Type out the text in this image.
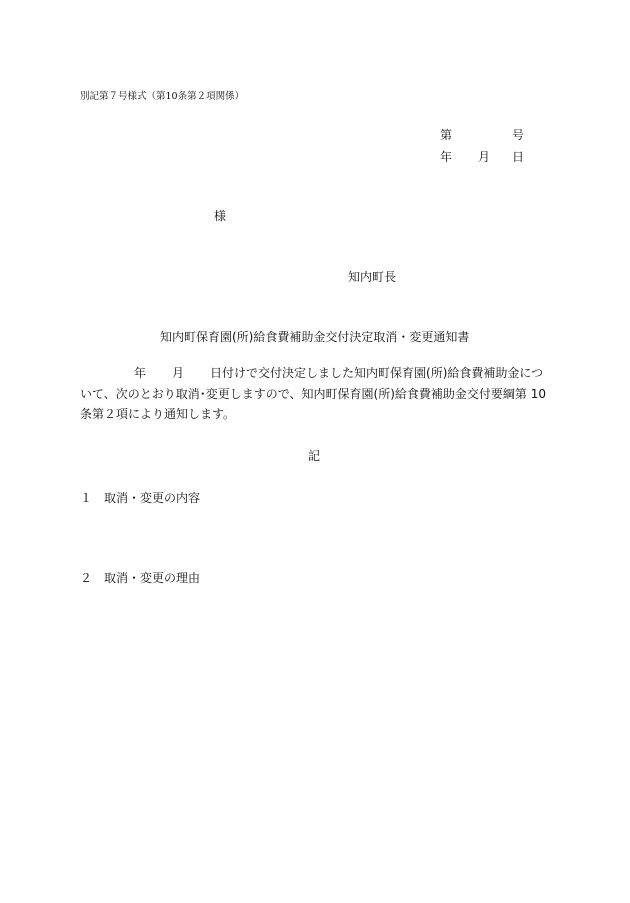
別記第７号様式（第10条第２項関係）
第	号
年 月 日
様
知内町長
知内町保育園(所)給食費補助金交付決定取消・変更通知書
年 月 日付けで交付決定しました知内町保育園(所)給食費補助金につ
いて、次のとおり取消･変更しますので、知内町保育園(所)給食費補助金交付要綱第 10
条第２項により通知します。
記
１ 取消・変更の内容
２ 取消・変更の理由
